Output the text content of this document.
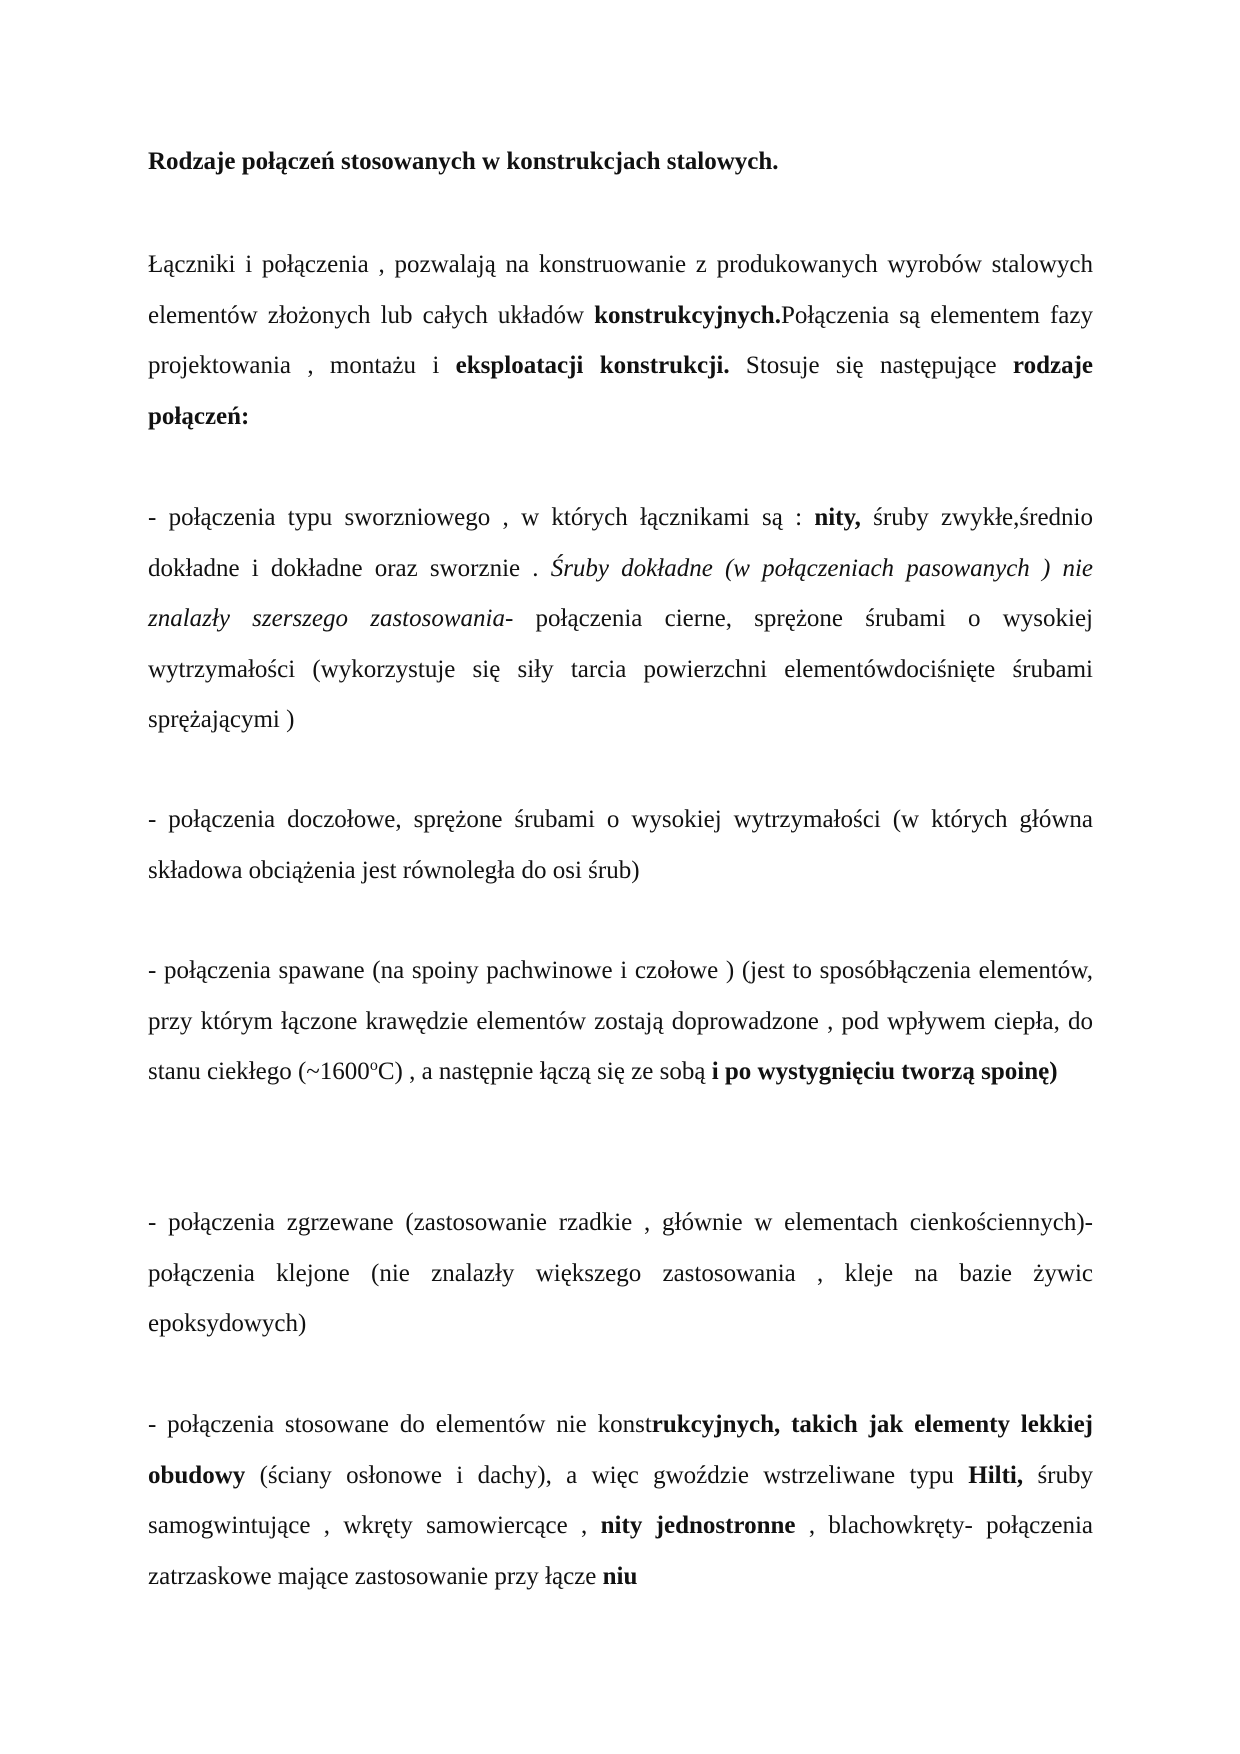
Rodzaje połączeń stosowanych w konstrukcjach stalowych.

Łączniki i połączenia , pozwalają na konstruowanie z produkowanych wyrobów stalowych elementów złożonych lub całych układów konstrukcyjnych.Połączenia są elementem fazy projektowania , montażu i eksploatacji konstrukcji. Stosuje się następujące rodzaje połączeń:

- połączenia typu sworzniowego , w których łącznikami są : nity, śruby zwykłe,średnio dokładne i dokładne oraz sworznie . Śruby dokładne (w połączeniach pasowanych ) nie znalazły szerszego zastosowania- połączenia cierne, sprężone śrubami o wysokiej wytrzymałości (wykorzystuje się siły tarcia powierzchni elementówdociśnięte śrubami sprężającymi )

- połączenia doczołowe, sprężone śrubami o wysokiej wytrzymałości (w których główna składowa obciążenia jest równoległa do osi śrub)

- połączenia spawane (na spoiny pachwinowe i czołowe ) (jest to sposóbłączenia elementów, przy którym łączone krawędzie elementów zostają doprowadzone , pod wpływem ciepła, do stanu ciekłego (~1600$^o$C) , a następnie łączą się ze sobą i po wystygnięciu tworzą spoinę)

- połączenia zgrzewane (zastosowanie rzadkie , głównie w elementach cienkościennych)- połączenia klejone (nie znalazły większego zastosowania , kleje na bazie żywic epoksydowych)

- połączenia stosowane do elementów nie konstrukcyjnych, takich jak elementy lekkiej obudowy (ściany osłonowe i dachy), a więc gwoździe wstrzeliwane typu Hilti, śruby samogwintujące , wkręty samowiercące , nity jednostronne , blachowkręty- połączenia zatrzaskowe mające zastosowanie przy łącze niu
